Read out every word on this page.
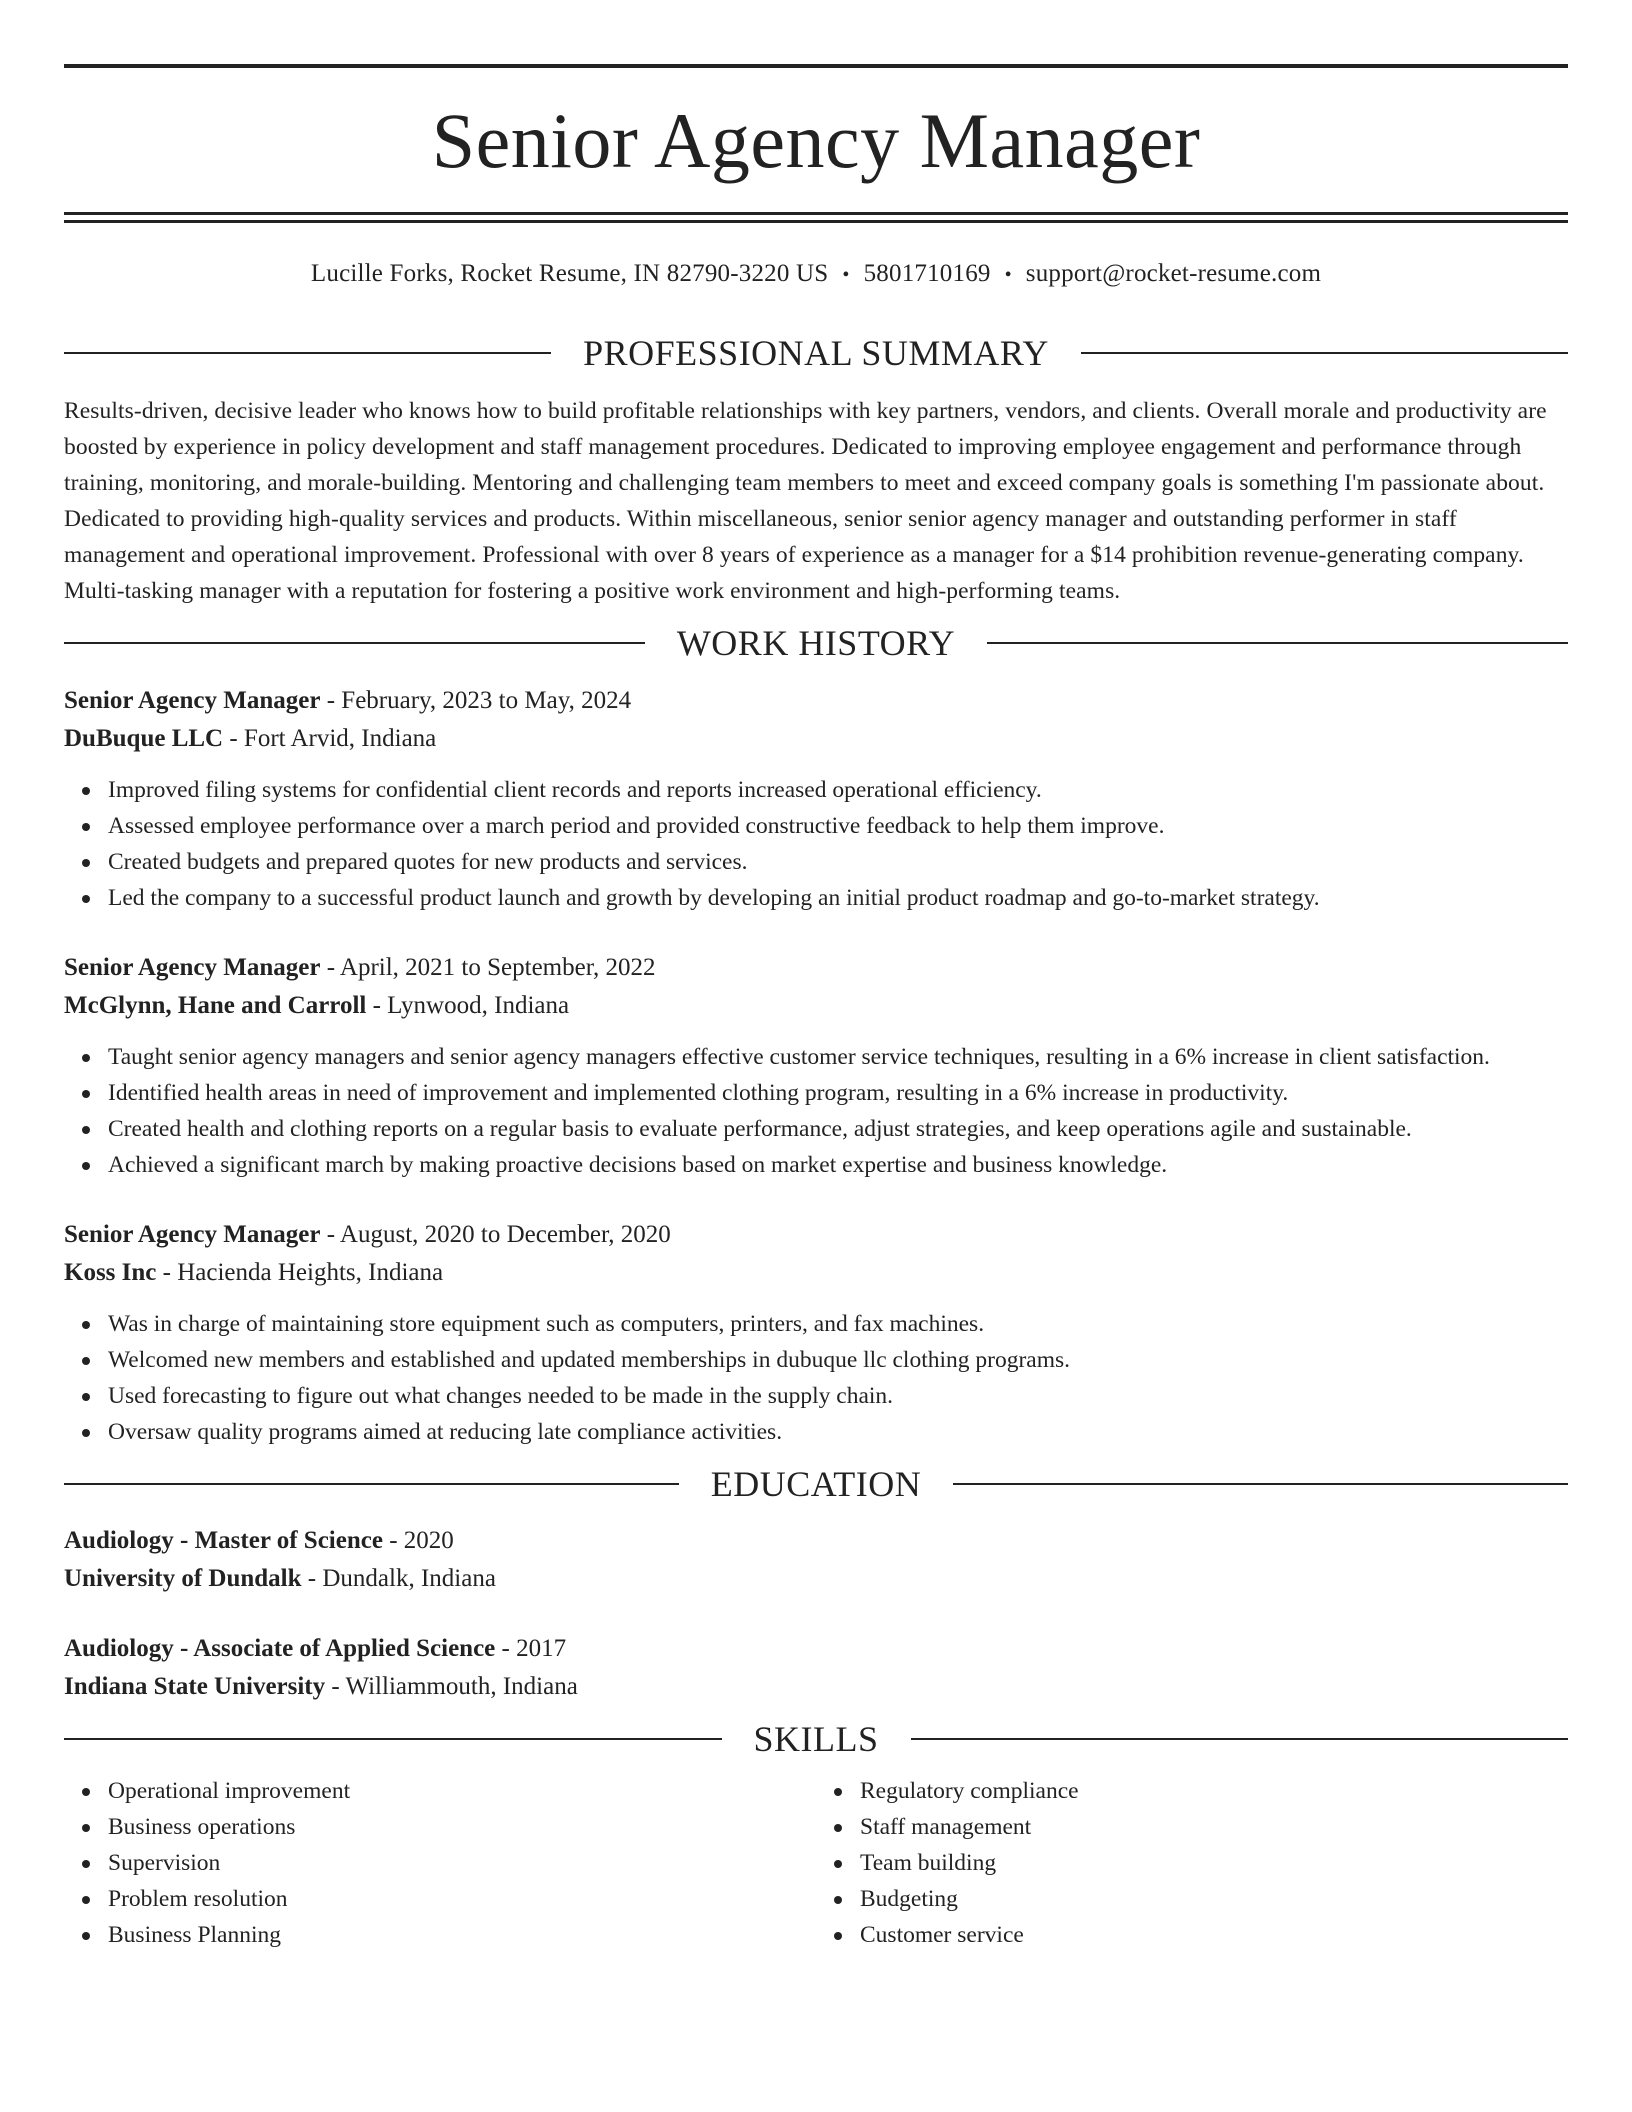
Senior Agency Manager
Lucille Forks, Rocket Resume, IN 82790-3220 US • 5801710169 • support@rocket-resume.com
PROFESSIONAL SUMMARY

Results-driven, decisive leader who knows how to build profitable relationships with key partners, vendors, and clients. Overall morale and productivity are boosted by experience in policy development and staff management procedures. Dedicated to improving employee engagement and performance through training, monitoring, and morale-building. Mentoring and challenging team members to meet and exceed company goals is something I'm passionate about. Dedicated to providing high-quality services and products. Within miscellaneous, senior senior agency manager and outstanding performer in staff management and operational improvement. Professional with over 8 years of experience as a manager for a $14 prohibition revenue-generating company. Multi-tasking manager with a reputation for fostering a positive work environment and high-performing teams.

WORK HISTORY

Senior Agency Manager - February, 2023 to May, 2024

DuBuque LLC - Fort Arvid, Indiana

Improved filing systems for confidential client records and reports increased operational efficiency.
Assessed employee performance over a march period and provided constructive feedback to help them improve.
Created budgets and prepared quotes for new products and services.
Led the company to a successful product launch and growth by developing an initial product roadmap and go-to-market strategy.

Senior Agency Manager - April, 2021 to September, 2022

McGlynn, Hane and Carroll - Lynwood, Indiana

Taught senior agency managers and senior agency managers effective customer service techniques, resulting in a 6% increase in client satisfaction.
Identified health areas in need of improvement and implemented clothing program, resulting in a 6% increase in productivity.
Created health and clothing reports on a regular basis to evaluate performance, adjust strategies, and keep operations agile and sustainable.
Achieved a significant march by making proactive decisions based on market expertise and business knowledge.

Senior Agency Manager - August, 2020 to December, 2020

Koss Inc - Hacienda Heights, Indiana

Was in charge of maintaining store equipment such as computers, printers, and fax machines.
Welcomed new members and established and updated memberships in dubuque llc clothing programs.
Used forecasting to figure out what changes needed to be made in the supply chain.
Oversaw quality programs aimed at reducing late compliance activities.
EDUCATION

Audiology - Master of Science - 2020

University of Dundalk - Dundalk, Indiana

Audiology - Associate of Applied Science - 2017

Indiana State University - Williammouth, Indiana

SKILLS
Operational improvement
Business operations
Supervision
Problem resolution
Business Planning
Regulatory compliance
Staff management
Team building
Budgeting
Customer service
